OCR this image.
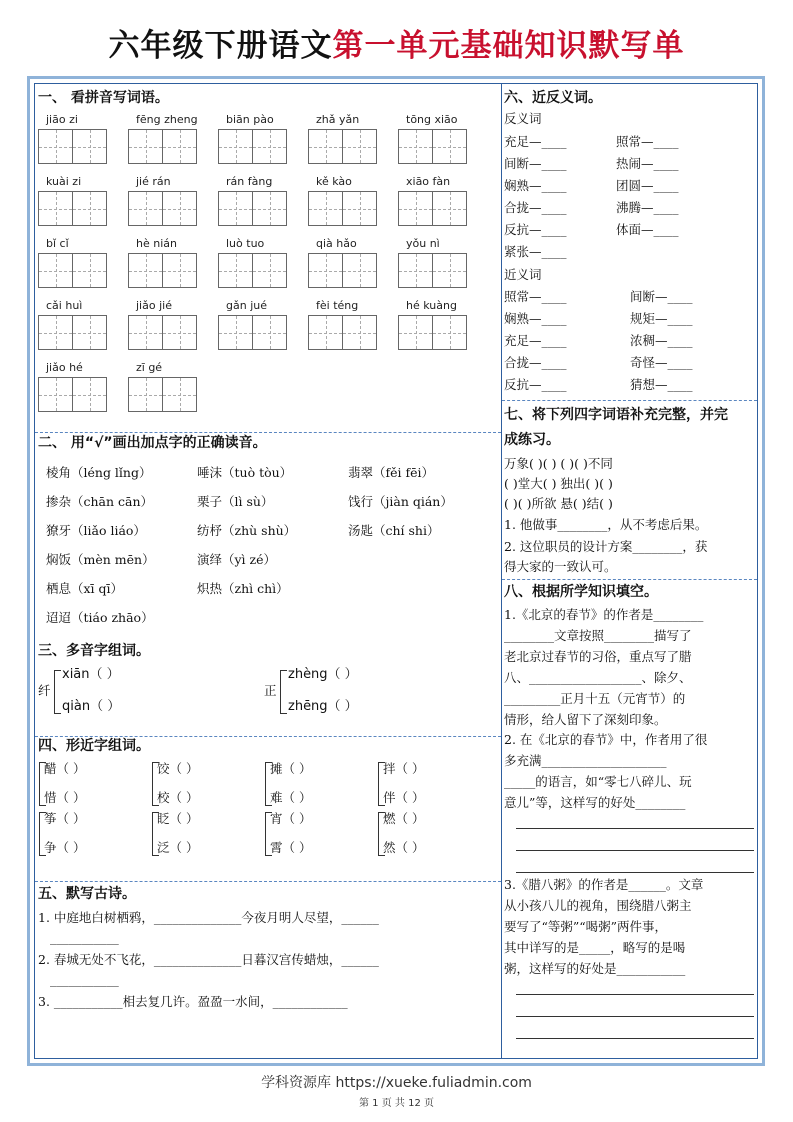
六年级下册语文第一单元基础知识默写单
一、 看拼音写词语。
jiāo zi	fēng zheng	biān pào	zhǎ yǎn	tōng xiāo
kuài zi	jié rán	rán fàng	kě kào	xiāo fàn
bǐ cǐ	hè nián	luò tuo	qià hǎo	yǒu nì
cǎi huì	jiǎo jié	gǎn jué	fèi téng	hé kuàng
jiǎo hé	zī gé
二、 用“√”画出加点字的正确读音。
棱角（léng lǐng）	唾沫（tuò tòu）	翡翠（fěi fēi）
掺杂（chān cān）	栗子（lì sù）	饯行（jiàn qián）
獠牙（liǎo liáo）	纺杼（zhù shù）	汤匙（chí shi）
焖饭（mèn mēn）	演绎（yì zé）
栖息（xī qī）	炽热（zhì chì）
迢迢（tiáo zhāo）
三、多音字组词。
纤
xiān（ ）
qiàn（ ）
正
zhèng（ ）
zhēng（ ）
四、形近字组词。
醋（ ）	饺（ ）	摊（ ）	拌（ ）
惜（ ）	校（ ）	难（ ）	伴（ ）
筝（ ）	眨（ ）	宵（ ）	燃（ ）
争（ ）	泛（ ）	霄（ ）	然（ ）
五、默写古诗。
1. 中庭地白树栖鸦，______________今夜月明人尽望，______
___________
2. 春城无处不飞花，______________日暮汉宫传蜡烛，______
___________
3. ___________相去复几许。盈盈一水间，____________
六、近反义词。
反义词
充足—____	照常—____
间断—____	热闹—____
娴熟—____	团圆—____
合拢—____	沸腾—____
反抗—____	体面—____
紧张—____
近义词
照常—____	间断—____
娴熟—____	规矩—____
充足—____	浓稠—____
合拢—____	奇怪—____
反抗—____	猜想—____
七、将下列四字词语补充完整，并完
成练习。
万象( )( ) ( )( )不同
( )堂大( ) 独出( )( )
( )( )所欲 悬( )结( )
1. 他做事________，从不考虑后果。
2. 这位职员的设计方案________，获
得大家的一致认可。
八、根据所学知识填空。
1.《北京的春节》的作者是________
________文章按照________描写了
老北京过春节的习俗，重点写了腊
八、__________________、除夕、
_________正月十五（元宵节）的
情形，给人留下了深刻印象。
2. 在《北京的春节》中，作者用了很
多充满____________________
_____的语言，如“零七八碎儿、玩
意儿”等，这样写的好处________
3.《腊八粥》的作者是______。文章
从小孩八儿的视角，围绕腊八粥主
要写了“等粥”“喝粥”两件事，
其中详写的是_____，略写的是喝
粥，这样写的好处是___________
学科资源库 https://xueke.fuliadmin.com
第 1 页 共 12 页
